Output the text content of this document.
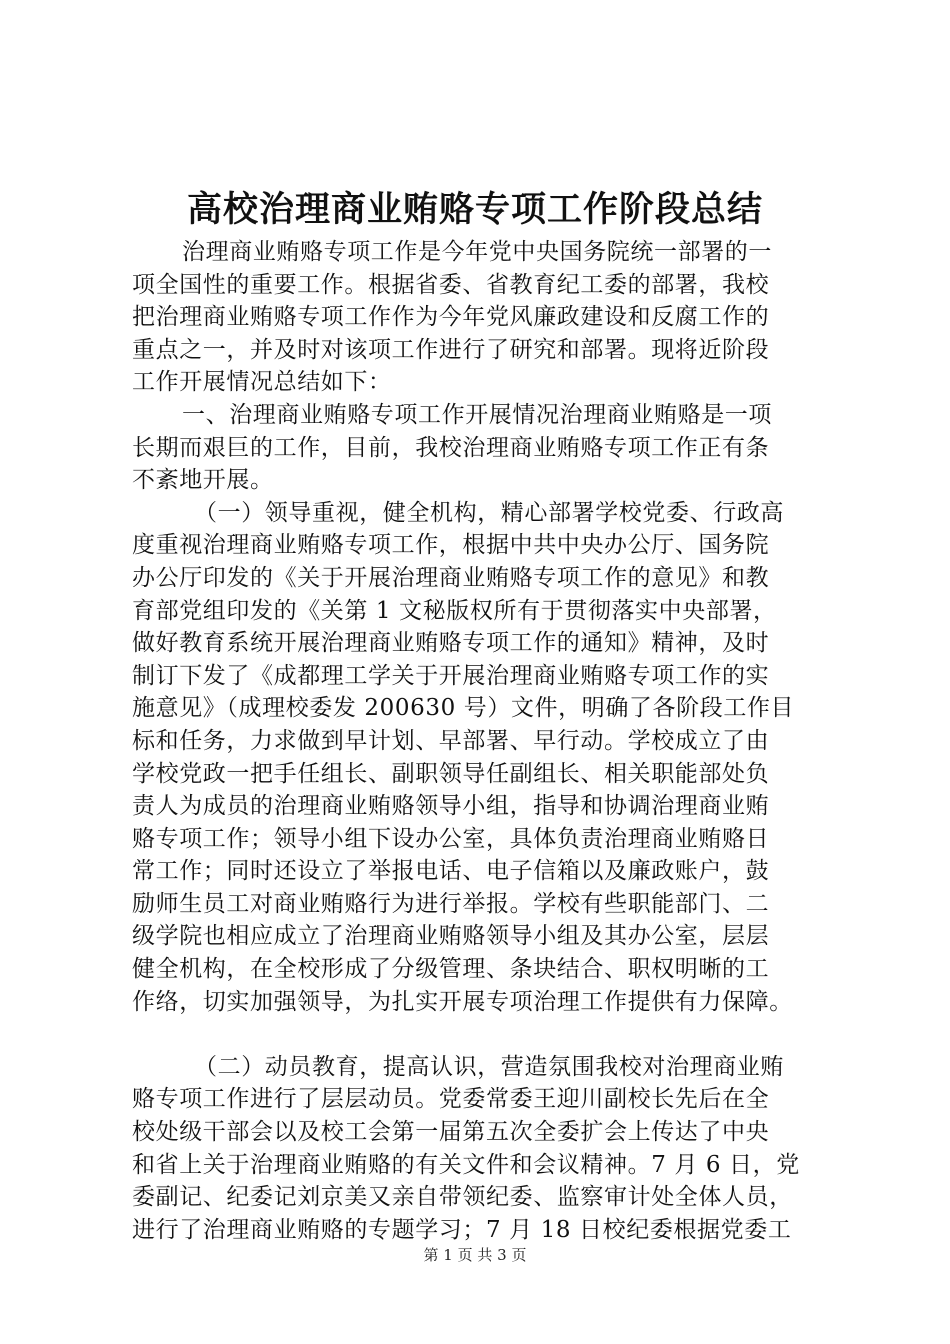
高校治理商业贿赂专项工作阶段总结
治理商业贿赂专项工作是今年党中央国务院统一部署的一
项全国性的重要工作。根据省委、省教育纪工委的部署，我校
把治理商业贿赂专项工作作为今年党风廉政建设和反腐工作的
重点之一，并及时对该项工作进行了研究和部署。现将近阶段
工作开展情况总结如下：
一、治理商业贿赂专项工作开展情况治理商业贿赂是一项
长期而艰巨的工作，目前，我校治理商业贿赂专项工作正有条
不紊地开展。
（一）领导重视，健全机构，精心部署学校党委、行政高
度重视治理商业贿赂专项工作，根据中共中央办公厅、国务院
办公厅印发的《关于开展治理商业贿赂专项工作的意见》和教
育部党组印发的《关第 1 文秘版权所有于贯彻落实中央部署，
做好教育系统开展治理商业贿赂专项工作的通知》精神，及时
制订下发了《成都理工学关于开展治理商业贿赂专项工作的实
施意见》（成理校委发 200630 号）文件，明确了各阶段工作目
标和任务，力求做到早计划、早部署、早行动。学校成立了由
学校党政一把手任组长、副职领导任副组长、相关职能部处负
责人为成员的治理商业贿赂领导小组，指导和协调治理商业贿
赂专项工作；领导小组下设办公室，具体负责治理商业贿赂日
常工作；同时还设立了举报电话、电子信箱以及廉政账户，鼓
励师生员工对商业贿赂行为进行举报。学校有些职能部门、二
级学院也相应成立了治理商业贿赂领导小组及其办公室，层层
健全机构，在全校形成了分级管理、条块结合、职权明晰的工
作络，切实加强领导，为扎实开展专项治理工作提供有力保障。
（二）动员教育，提高认识，营造氛围我校对治理商业贿
赂专项工作进行了层层动员。党委常委王迎川副校长先后在全
校处级干部会以及校工会第一届第五次全委扩会上传达了中央
和省上关于治理商业贿赂的有关文件和会议精神。7 月 6 日，党
委副记、纪委记刘京美又亲自带领纪委、监察审计处全体人员，
进行了治理商业贿赂的专题学习；7 月 18 日校纪委根据党委工
第 1 页 共 3 页
